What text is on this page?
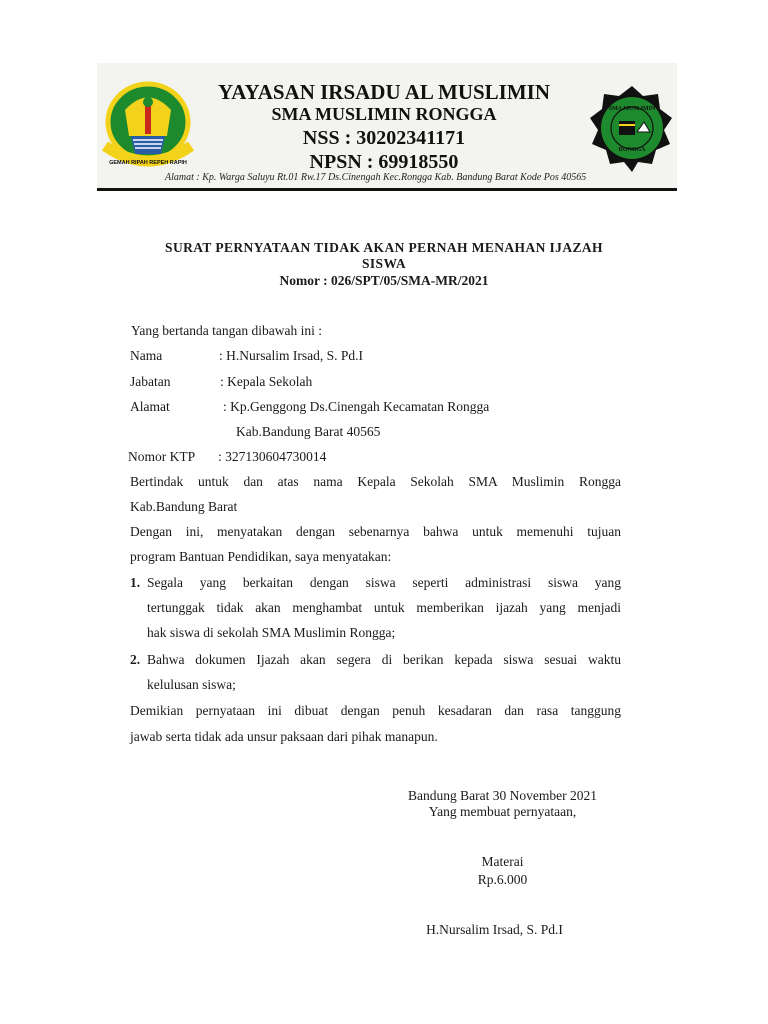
GEMAH RIPAH REPEH RAPIH
YAYASAN IRSADU AL MUSLIMIN
SMA MUSLIMIN RONGGA
NSS : 30202341171
NPSN : 69918550
Alamat : Kp. Warga Saluyu Rt.01 Rw.17 Ds.Cinengah Kec.Rongga Kab. Bandung Barat Kode Pos 40565
SMA MUSLIMIN
RONGGA
SURAT PERNYATAAN TIDAK AKAN PERNAH MENAHAN IJAZAH
SISWA
Nomor : 026/SPT/05/SMA-MR/2021
Yang bertanda tangan dibawah ini :
Nama	: H.Nursalim Irsad, S. Pd.I
Jabatan	: Kepala Sekolah
Alamat	: Kp.Genggong Ds.Cinengah Kecamatan Rongga
Kab.Bandung Barat 40565
Nomor KTP : 3271306047300​14
Bertindak untuk dan atas nama Kepala Sekolah SMA Muslimin Rongga
Kab.Bandung Barat
Dengan ini, menyatakan dengan sebenarnya bahwa untuk memenuhi tujuan
program Bantuan Pendidikan, saya menyatakan:
1. Segala yang berkaitan dengan siswa seperti administrasi siswa yang
tertunggak tidak akan menghambat untuk memberikan ijazah yang menjadi
hak siswa di sekolah SMA Muslimin Rongga;
2. Bahwa dokumen Ijazah akan segera di berikan kepada siswa sesuai waktu
kelulusan siswa;
Demikian pernyataan ini dibuat dengan penuh kesadaran dan rasa tanggung
jawab serta tidak ada unsur paksaan dari pihak manapun.
Bandung Barat 30 November 2021
Yang membuat pernyataan,
Materai
Rp.6.000
H.Nursalim Irsad, S. Pd.I
